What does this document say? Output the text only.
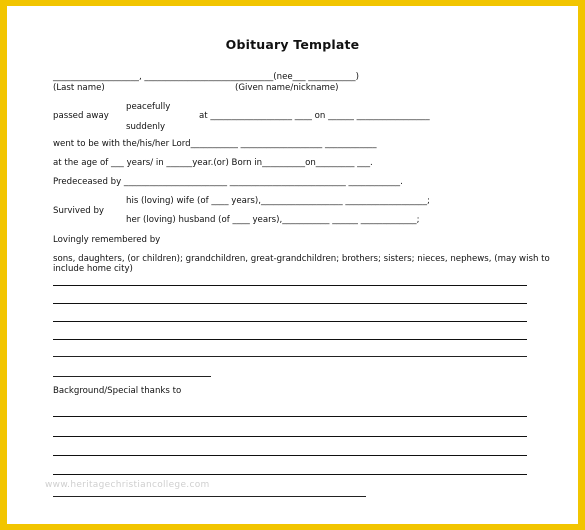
Obituary Template
____________________, ______________________________(nee___ ___________)
(Last name)	(Given name/nickname)
peacefully
passed away	at ___________________ ____ on ______ _________________
suddenly
went to be with the/his/her Lord___________ ___________________ ____________
at the age of ___ years/ in ______year.(or) Born in__________on_________ ___.
Predeceased by ________________________ ___________________________ ____________.
his (loving) wife (of ____ years),___________________ ___________________;
Survived by
her (loving) husband (of ____ years),___________ ______ _____________;
Lovingly remembered by
sons, daughters, (or children); grandchildren, great-grandchildren; brothers; sisters; nieces, nephews, (may wish to
include home city)
Background/Special thanks to
www.heritagechristiancollege.com
